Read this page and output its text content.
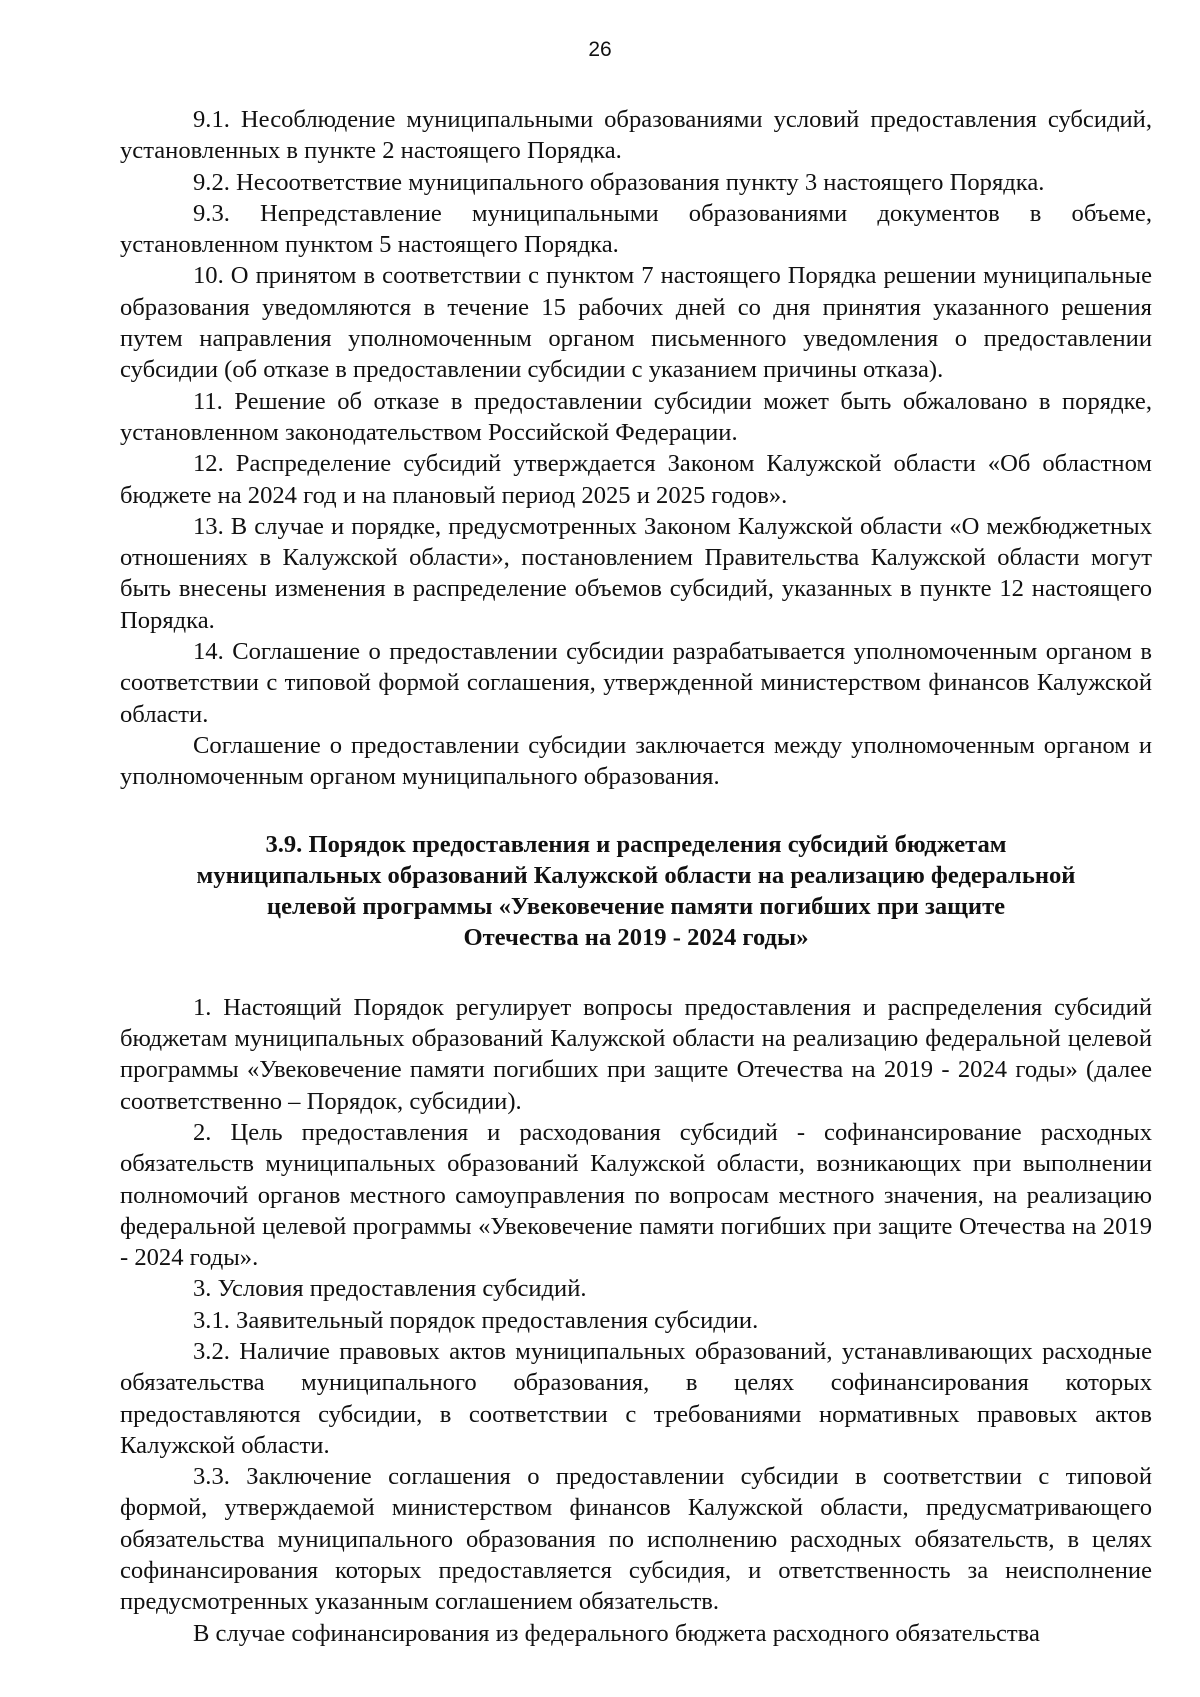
26

9.1. Несоблюдение муниципальными образованиями условий предоставления субсидий, установленных в пункте 2 настоящего Порядка.

9.2. Несоответствие муниципального образования пункту 3 настоящего Порядка.

9.3. Непредставление муниципальными образованиями документов в объеме, установленном пунктом 5 настоящего Порядка.

10. О принятом в соответствии с пунктом 7 настоящего Порядка решении муниципальные образования уведомляются в течение 15 рабочих дней со дня принятия указанного решения путем направления уполномоченным органом письменного уведомления о предоставлении субсидии (об отказе в предоставлении субсидии с указанием причины отказа).

11. Решение об отказе в предоставлении субсидии может быть обжаловано в порядке, установленном законодательством Российской Федерации.

12. Распределение субсидий утверждается Законом Калужской области «Об областном бюджете на 2024 год и на плановый период 2025 и 2025 годов».

13. В случае и порядке, предусмотренных Законом Калужской области «О межбюджетных отношениях в Калужской области», постановлением Правительства Калужской области могут быть внесены изменения в распределение объемов субсидий, указанных в пункте 12 настоящего Порядка.

14. Соглашение о предоставлении субсидии разрабатывается уполномоченным органом в соответствии с типовой формой соглашения, утвержденной министерством финансов Калужской области.

Соглашение о предоставлении субсидии заключается между уполномоченным органом и уполномоченным органом муниципального образования.

3.9. Порядок предоставления и распределения субсидий бюджетам
муниципальных образований Калужской области на реализацию федеральной
целевой программы «Увековечение памяти погибших при защите
Отечества на 2019 - 2024 годы»

1. Настоящий Порядок регулирует вопросы предоставления и распределения субсидий бюджетам муниципальных образований Калужской области на реализацию федеральной целевой программы «Увековечение памяти погибших при защите Отечества на 2019 - 2024 годы» (далее соответственно – Порядок, субсидии).

2. Цель предоставления и расходования субсидий - софинансирование расходных обязательств муниципальных образований Калужской области, возникающих при выполнении полномочий органов местного самоуправления по вопросам местного значения, на реализацию федеральной целевой программы «Увековечение памяти погибших при защите Отечества на 2019 - 2024 годы».

3. Условия предоставления субсидий.

3.1. Заявительный порядок предоставления субсидии.

3.2. Наличие правовых актов муниципальных образований, устанавливающих расходные обязательства муниципального образования, в целях софинансирования которых предоставляются субсидии, в соответствии с требованиями нормативных правовых актов Калужской области.

3.3. Заключение соглашения о предоставлении субсидии в соответствии с типовой формой, утверждаемой министерством финансов Калужской области, предусматривающего обязательства муниципального образования по исполнению расходных обязательств, в целях софинансирования которых предоставляется субсидия, и ответственность за неисполнение предусмотренных указанным соглашением обязательств.

В случае софинансирования из федерального бюджета расходного обязательства
